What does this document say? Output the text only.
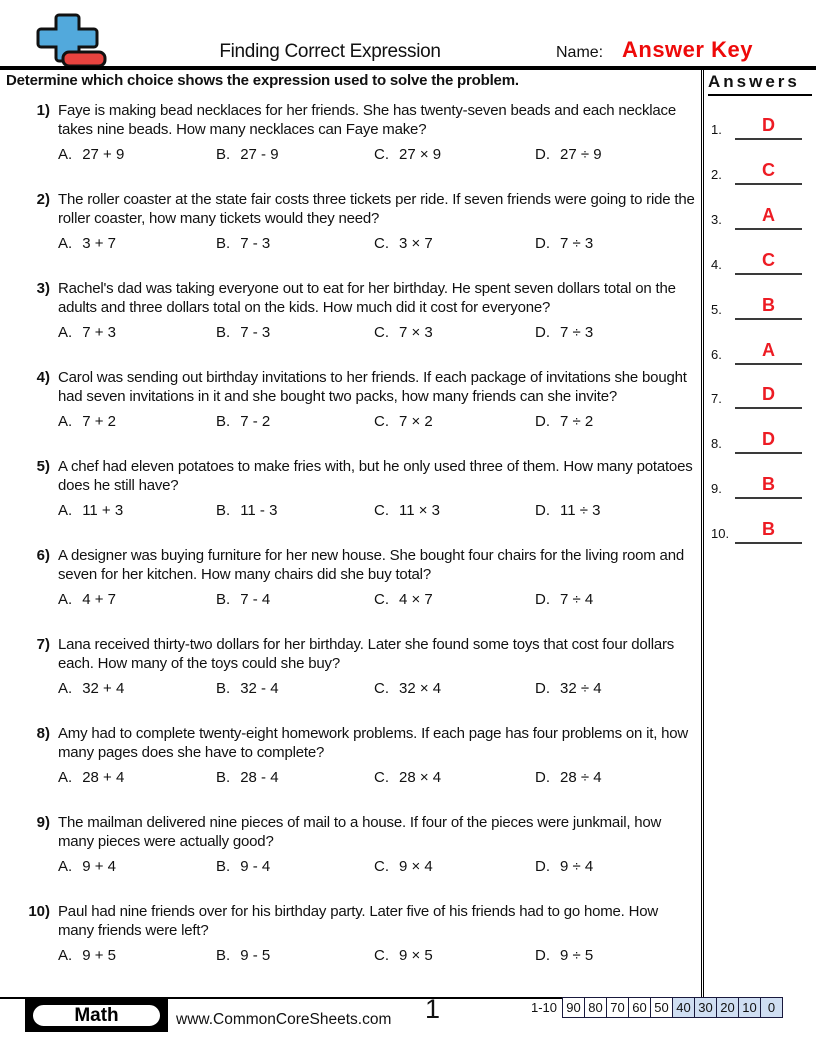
Finding Correct Expression	Name: Answer Key
Determine which choice shows the expression used to solve the problem.
1) Faye is making bead necklaces for her friends. She has twenty-seven beads and each necklace takes nine beads. How many necklaces can Faye make?
A. 27 + 9	B. 27 - 9	C. 27 × 9	D. 27 ÷ 9
2) The roller coaster at the state fair costs three tickets per ride. If seven friends were going to ride the roller coaster, how many tickets would they need?
A. 3 + 7	B. 7 - 3	C. 3 × 7	D. 7 ÷ 3
3) Rachel's dad was taking everyone out to eat for her birthday. He spent seven dollars total on the adults and three dollars total on the kids. How much did it cost for everyone?
A. 7 + 3	B. 7 - 3	C. 7 × 3	D. 7 ÷ 3
4) Carol was sending out birthday invitations to her friends. If each package of invitations she bought had seven invitations in it and she bought two packs, how many friends can she invite?
A. 7 + 2	B. 7 - 2	C. 7 × 2	D. 7 ÷ 2
5) A chef had eleven potatoes to make fries with, but he only used three of them. How many potatoes does he still have?
A. 11 + 3	B. 11 - 3	C. 11 × 3	D. 11 ÷ 3
6) A designer was buying furniture for her new house. She bought four chairs for the living room and seven for her kitchen. How many chairs did she buy total?
A. 4 + 7	B. 7 - 4	C. 4 × 7	D. 7 ÷ 4
7) Lana received thirty-two dollars for her birthday. Later she found some toys that cost four dollars each. How many of the toys could she buy?
A. 32 + 4	B. 32 - 4	C. 32 × 4	D. 32 ÷ 4
8) Amy had to complete twenty-eight homework problems. If each page has four problems on it, how many pages does she have to complete?
A. 28 + 4	B. 28 - 4	C. 28 × 4	D. 28 ÷ 4
9) The mailman delivered nine pieces of mail to a house. If four of the pieces were junkmail, how many pieces were actually good?
A. 9 + 4	B. 9 - 4	C. 9 × 4	D. 9 ÷ 4
10) Paul had nine friends over for his birthday party. Later five of his friends had to go home. How many friends were left?
A. 9 + 5	B. 9 - 5	C. 9 × 5	D. 9 ÷ 5
Answers
1.	D
2.	C
3.	A
4.	C
5.	B
6.	A
7.	D
8.	D
9.	B
10.	B
Math	www.CommonCoreSheets.com 1	1-10 90 80 70 60 50 40 30 20 10 0
